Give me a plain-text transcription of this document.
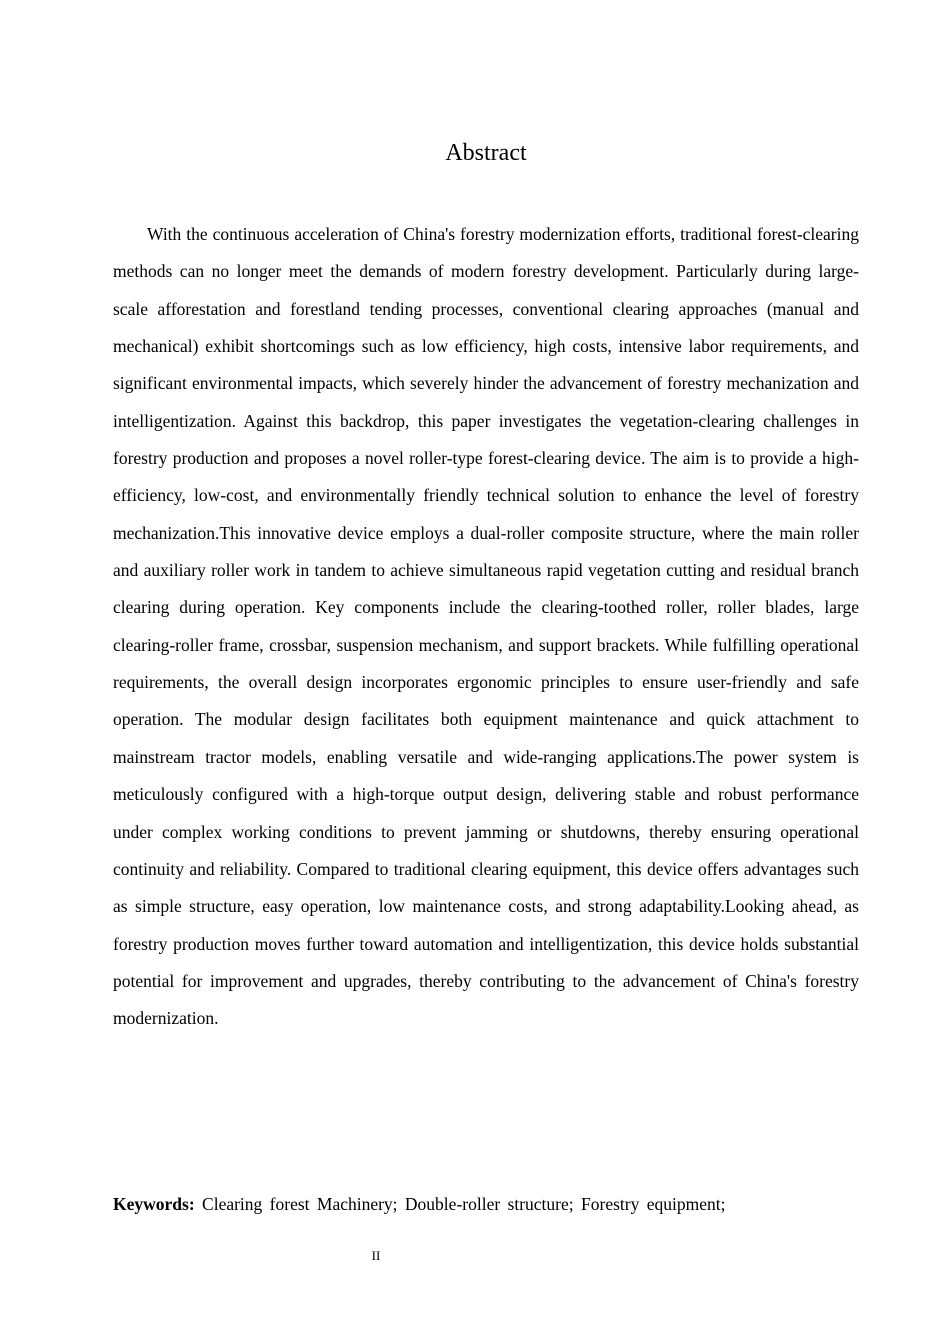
Abstract

With the continuous acceleration of China's forestry modernization efforts, traditional forest-clearing methods can no longer meet the demands of modern forestry development. Particularly during large-scale afforestation and forestland tending processes, conventional clearing approaches (manual and mechanical) exhibit shortcomings such as low efficiency, high costs, intensive labor requirements, and significant environmental impacts, which severely hinder the advancement of forestry mechanization and intelligentization. Against this backdrop, this paper investigates the vegetation-clearing challenges in forestry production and proposes a novel roller-type forest-clearing device. The aim is to provide a high-efficiency, low-cost, and environmentally friendly technical solution to enhance the level of forestry mechanization.This innovative device employs a dual-roller composite structure, where the main roller and auxiliary roller work in tandem to achieve simultaneous rapid vegetation cutting and residual branch clearing during operation. Key components include the clearing-toothed roller, roller blades, large clearing-roller frame, crossbar, suspension mechanism, and support brackets. While fulfilling operational requirements, the overall design incorporates ergonomic principles to ensure user-friendly and safe operation. The modular design facilitates both equipment maintenance and quick attachment to mainstream tractor models, enabling versatile and wide-ranging applications.The power system is meticulously configured with a high-torque output design, delivering stable and robust performance under complex working conditions to prevent jamming or shutdowns, thereby ensuring operational continuity and reliability. Compared to traditional clearing equipment, this device offers advantages such as simple structure, easy operation, low maintenance costs, and strong adaptability.Looking ahead, as forestry production moves further toward automation and intelligentization, this device holds substantial potential for improvement and upgrades, thereby contributing to the advancement of China's forestry modernization.

Keywords: Clearing forest Machinery; Double-roller structure; Forestry equipment;

II
